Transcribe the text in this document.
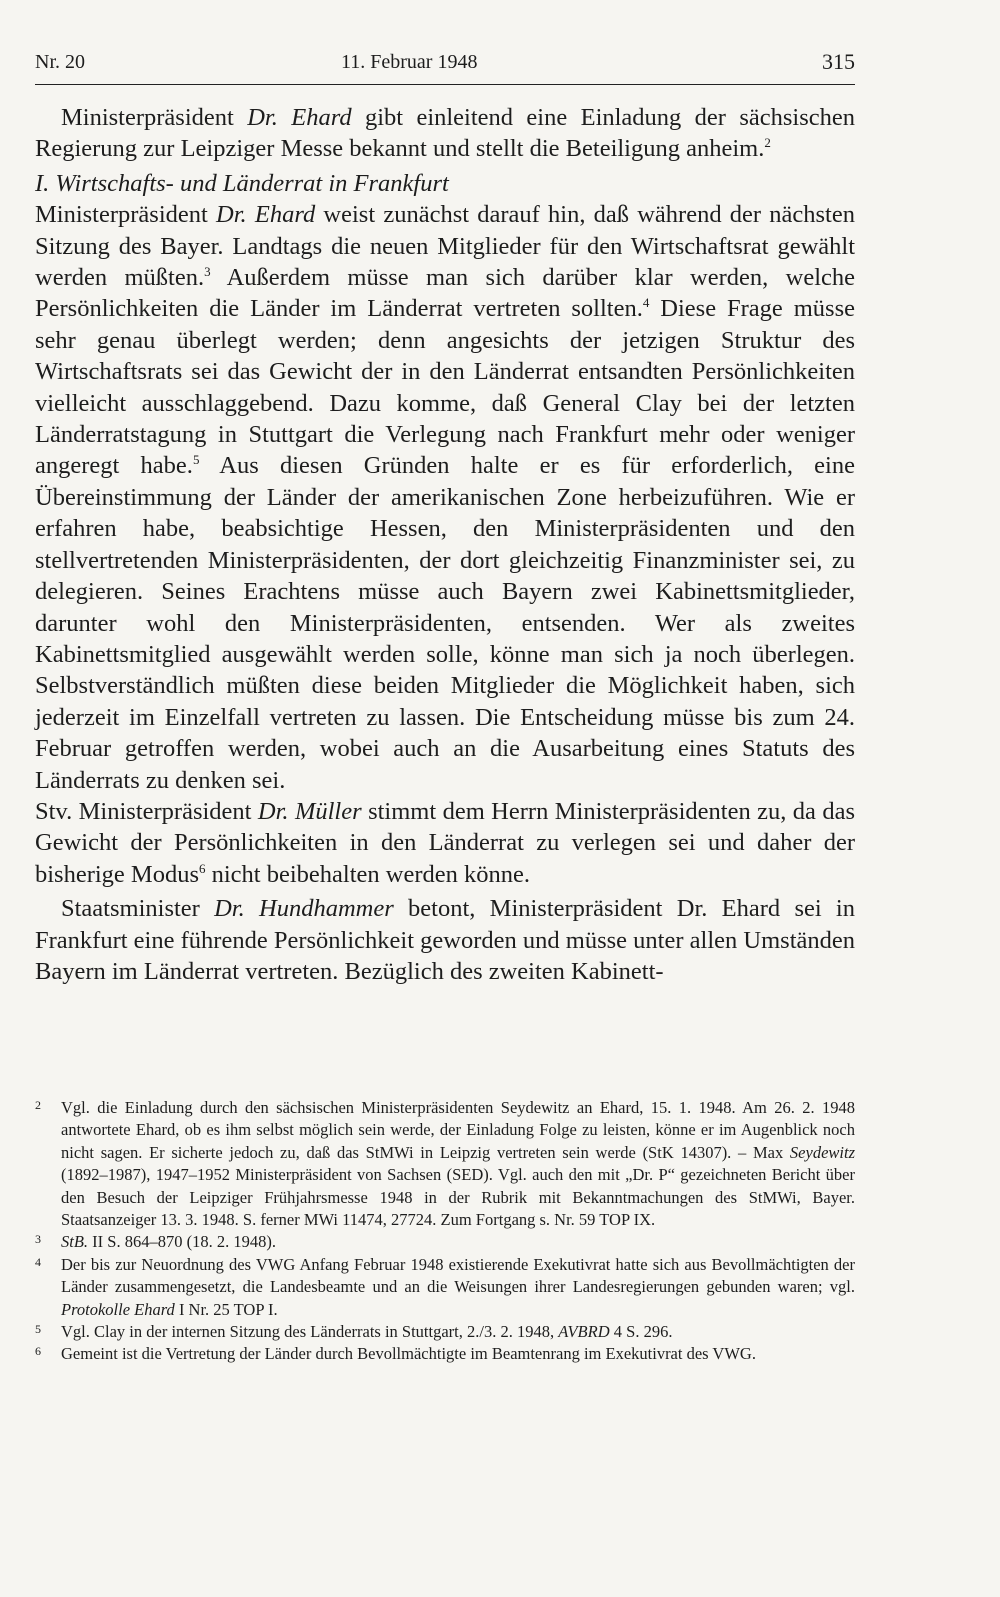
Nr. 20	11. Februar 1948	315

Ministerpräsident Dr. Ehard gibt einleitend eine Einladung der sächsischen Regierung zur Leipziger Messe bekannt und stellt die Beteiligung anheim.$^2$

I. Wirtschafts- und Länderrat in Frankfurt

Ministerpräsident Dr. Ehard weist zunächst darauf hin, daß während der nächsten Sitzung des Bayer. Landtags die neuen Mitglieder für den Wirtschaftsrat gewählt werden müßten.$^3$ Außerdem müsse man sich darüber klar werden, welche Persönlichkeiten die Länder im Länderrat vertreten sollten.$^4$ Diese Frage müsse sehr genau überlegt werden; denn angesichts der jetzigen Struktur des Wirtschaftsrats sei das Gewicht der in den Länderrat entsandten Persönlichkeiten vielleicht ausschlaggebend. Dazu komme, daß General Clay bei der letzten Länderratstagung in Stuttgart die Verlegung nach Frankfurt mehr oder weniger angeregt habe.$^5$ Aus diesen Gründen halte er es für erforderlich, eine Übereinstimmung der Länder der amerikanischen Zone herbeizuführen. Wie er erfahren habe, beabsichtige Hessen, den Ministerpräsidenten und den stellvertretenden Ministerpräsidenten, der dort gleichzeitig Finanzminister sei, zu delegieren. Seines Erachtens müsse auch Bayern zwei Kabinettsmitglieder, darunter wohl den Ministerpräsidenten, entsenden. Wer als zweites Kabinettsmitglied ausgewählt werden solle, könne man sich ja noch überlegen. Selbstverständlich müßten diese beiden Mitglieder die Möglichkeit haben, sich jederzeit im Einzelfall vertreten zu lassen. Die Entscheidung müsse bis zum 24. Februar getroffen werden, wobei auch an die Ausarbeitung eines Statuts des Länderrats zu denken sei.

Stv. Ministerpräsident Dr. Müller stimmt dem Herrn Ministerpräsidenten zu, da das Gewicht der Persönlichkeiten in den Länderrat zu verlegen sei und daher der bisherige Modus$^6$ nicht beibehalten werden könne.

Staatsminister Dr. Hundhammer betont, Ministerpräsident Dr. Ehard sei in Frankfurt eine führende Persönlichkeit geworden und müsse unter allen Umständen Bayern im Länderrat vertreten. Bezüglich des zweiten Kabinett-

2 Vgl. die Einladung durch den sächsischen Ministerpräsidenten Seydewitz an Ehard, 15. 1. 1948. Am 26. 2. 1948 antwortete Ehard, ob es ihm selbst möglich sein werde, der Einladung Folge zu leisten, könne er im Augenblick noch nicht sagen. Er sicherte jedoch zu, daß das StMWi in Leipzig vertreten sein werde (StK 14307). – Max Seydewitz (1892–1987), 1947–1952 Ministerpräsident von Sachsen (SED). Vgl. auch den mit „Dr. P“ gezeichneten Bericht über den Besuch der Leipziger Frühjahrsmesse 1948 in der Rubrik mit Bekanntmachungen des StMWi, Bayer. Staatsanzeiger 13. 3. 1948. S. ferner MWi 11474, 27724. Zum Fortgang s. Nr. 59 TOP IX.
3 StB. II S. 864–870 (18. 2. 1948).
4 Der bis zur Neuordnung des VWG Anfang Februar 1948 existierende Exekutivrat hatte sich aus Bevollmächtigten der Länder zusammengesetzt, die Landesbeamte und an die Weisungen ihrer Landesregierungen gebunden waren; vgl. Protokolle Ehard I Nr. 25 TOP I.
5 Vgl. Clay in der internen Sitzung des Länderrats in Stuttgart, 2./3. 2. 1948, AVBRD 4 S. 296.
6 Gemeint ist die Vertretung der Länder durch Bevollmächtigte im Beamtenrang im Exekutivrat des VWG.
